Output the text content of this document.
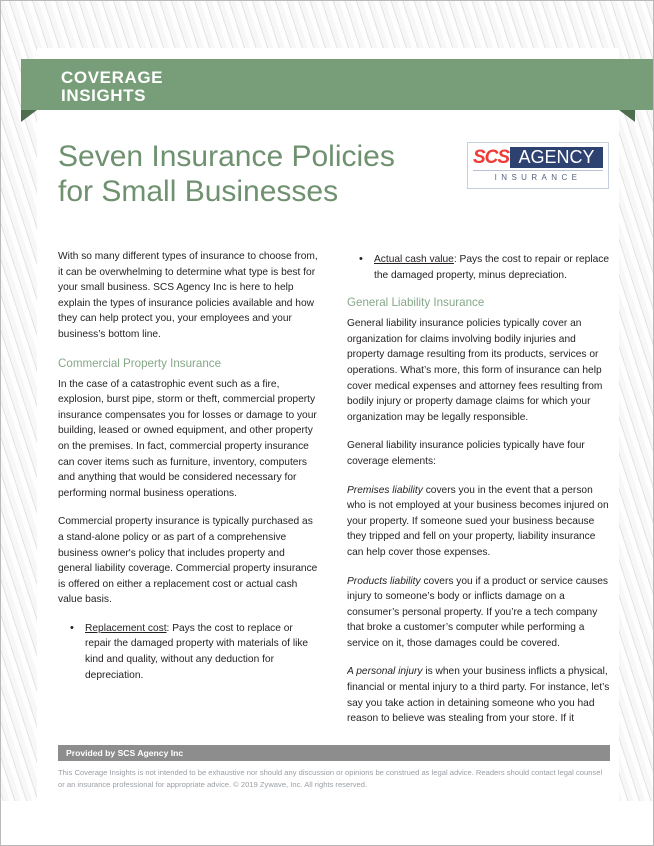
COVERAGE
INSIGHTS
Seven Insurance Policies
for Small Businesses
SCS AGENCY
INSURANCE

With so many different types of insurance to choose from, it can be overwhelming to determine what type is best for your small business. SCS Agency Inc is here to help explain the types of insurance policies available and how they can help protect you, your employees and your business’s bottom line.

Commercial Property Insurance

In the case of a catastrophic event such as a fire, explosion, burst pipe, storm or theft, commercial property insurance compensates you for losses or damage to your building, leased or owned equipment, and other property on the premises. In fact, commercial property insurance can cover items such as furniture, inventory, computers and anything that would be considered necessary for performing normal business operations.

Commercial property insurance is typically purchased as a stand-alone policy or as part of a comprehensive business owner's policy that includes property and general liability coverage. Commercial property insurance is offered on either a replacement cost or actual cash value basis.

• Replacement cost: Pays the cost to replace or repair the damaged property with materials of like kind and quality, without any deduction for depreciation.
• Actual cash value: Pays the cost to repair or replace the damaged property, minus depreciation.
General Liability Insurance

General liability insurance policies typically cover an organization for claims involving bodily injuries and property damage resulting from its products, services or operations. What’s more, this form of insurance can help cover medical expenses and attorney fees resulting from bodily injury or property damage claims for which your organization may be legally responsible.

General liability insurance policies typically have four coverage elements:

Premises liability covers you in the event that a person who is not employed at your business becomes injured on your property. If someone sued your business because they tripped and fell on your property, liability insurance can help cover those expenses.

Products liability covers you if a product or service causes injury to someone’s body or inflicts damage on a consumer’s personal property. If you’re a tech company that broke a customer’s computer while performing a service on it, those damages could be covered.

A personal injury is when your business inflicts a physical, financial or mental injury to a third party. For instance, let’s say you take action in detaining someone who you had reason to believe was stealing from your store. If it

Provided by SCS Agency Inc
This Coverage Insights is not intended to be exhaustive nor should any discussion or opinions be construed as legal advice. Readers should contact legal counsel or an insurance professional for appropriate advice. © 2019 Zywave, Inc. All rights reserved.
